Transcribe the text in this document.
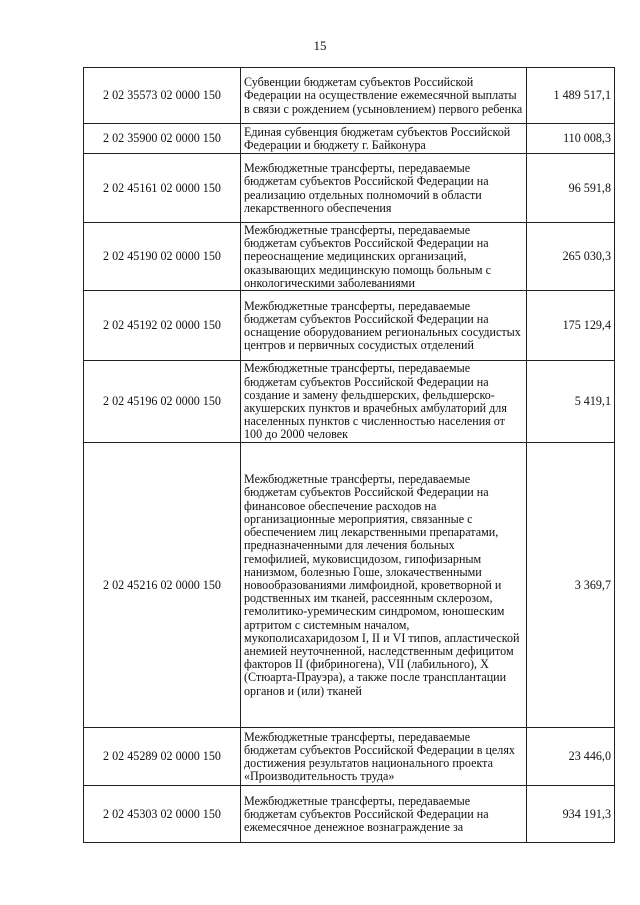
15
2 02 35573 02 0000 150	Субвенции бюджетам субъектов Российской Федерации на осуществление ежемесячной выплаты в связи с рождением (усыновлением) первого ребенка	1 489 517,1
2 02 35900 02 0000 150	Единая субвенция бюджетам субъектов Российской Федерации и бюджету г. Байконура	110 008,3
2 02 45161 02 0000 150	Межбюджетные трансферты, передаваемые бюджетам субъектов Российской Федерации на реализацию отдельных полномочий в области лекарственного обеспечения	96 591,8
2 02 45190 02 0000 150	Межбюджетные трансферты, передаваемые бюджетам субъектов Российской Федерации на переоснащение медицинских организаций, оказывающих медицинскую помощь больным с онкологическими заболеваниями	265 030,3
2 02 45192 02 0000 150	Межбюджетные трансферты, передаваемые бюджетам субъектов Российской Федерации на оснащение оборудованием региональных сосудистых центров и первичных сосудистых отделений	175 129,4
2 02 45196 02 0000 150	Межбюджетные трансферты, передаваемые бюджетам субъектов Российской Федерации на создание и замену фельдшерских, фельдшерско-акушерских пунктов и врачебных амбулаторий для населенных пунктов с численностью населения от 100 до 2000 человек	5 419,1
2 02 45216 02 0000 150	Межбюджетные трансферты, передаваемые бюджетам субъектов Российской Федерации на финансовое обеспечение расходов на организационные мероприятия, связанные с обеспечением лиц лекарственными препаратами, предназначенными для лечения больных гемофилией, муковисцидозом, гипофизарным нанизмом, болезнью Гоше, злокачественными новообразованиями лимфоидной, кроветворной и родственных им тканей, рассеянным склерозом, гемолитико-уремическим синдромом, юношеским артритом с системным началом, мукополисахаридозом I, II и VI типов, апластической анемией неуточненной, наследственным дефицитом факторов II (фибриногена), VII (лабильного), X (Стюарта-Прауэра), а также после трансплантации органов и (или) тканей	3 369,7
2 02 45289 02 0000 150	Межбюджетные трансферты, передаваемые бюджетам субъектов Российской Федерации в целях достижения результатов национального проекта «Производительность труда»	23 446,0
2 02 45303 02 0000 150	Межбюджетные трансферты, передаваемые бюджетам субъектов Российской Федерации на ежемесячное денежное вознаграждение за	934 191,3
